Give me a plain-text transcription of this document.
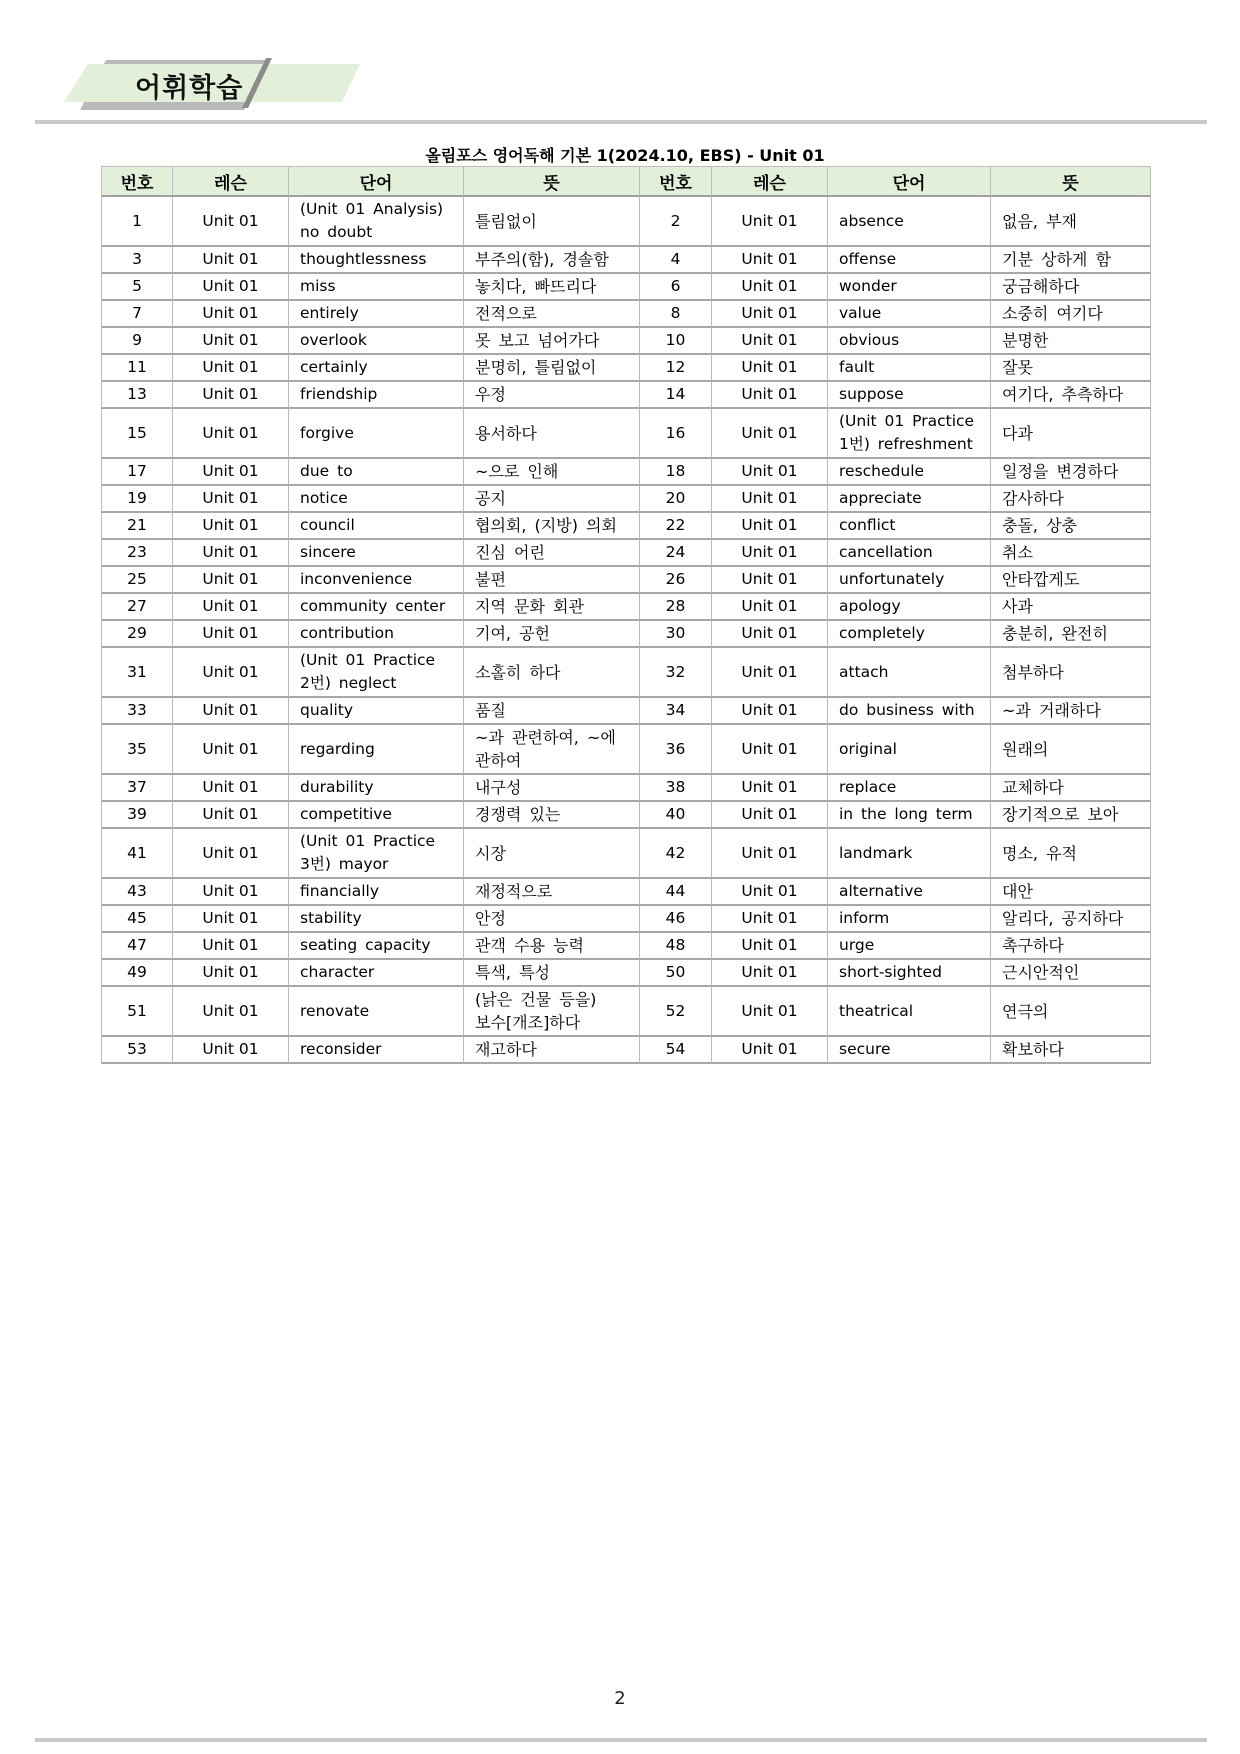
어휘학습
올림포스 영어독해 기본 1(2024.10, EBS) - Unit 01
번호	레슨	단어	뜻	번호	레슨	단어	뜻
1	Unit 01	(Unit 01 Analysis) no doubt	틀림없이	2	Unit 01	absence	없음, 부재
3	Unit 01	thoughtlessness	부주의(함), 경솔함	4	Unit 01	offense	기분 상하게 함
5	Unit 01	miss	놓치다, 빠뜨리다	6	Unit 01	wonder	궁금해하다
7	Unit 01	entirely	전적으로	8	Unit 01	value	소중히 여기다
9	Unit 01	overlook	못 보고 넘어가다	10	Unit 01	obvious	분명한
11	Unit 01	certainly	분명히, 틀림없이	12	Unit 01	fault	잘못
13	Unit 01	friendship	우정	14	Unit 01	suppose	여기다, 추측하다
15	Unit 01	forgive	용서하다	16	Unit 01	(Unit 01 Practice 1번) refreshment	다과
17	Unit 01	due to	~으로 인해	18	Unit 01	reschedule	일정을 변경하다
19	Unit 01	notice	공지	20	Unit 01	appreciate	감사하다
21	Unit 01	council	협의회, (지방) 의회	22	Unit 01	conflict	충돌, 상충
23	Unit 01	sincere	진심 어린	24	Unit 01	cancellation	취소
25	Unit 01	inconvenience	불편	26	Unit 01	unfortunately	안타깝게도
27	Unit 01	community center	지역 문화 회관	28	Unit 01	apology	사과
29	Unit 01	contribution	기여, 공헌	30	Unit 01	completely	충분히, 완전히
31	Unit 01	(Unit 01 Practice 2번) neglect	소홀히 하다	32	Unit 01	attach	첨부하다
33	Unit 01	quality	품질	34	Unit 01	do business with	~과 거래하다
35	Unit 01	regarding	~과 관련하여, ~에 관하여	36	Unit 01	original	원래의
37	Unit 01	durability	내구성	38	Unit 01	replace	교체하다
39	Unit 01	competitive	경쟁력 있는	40	Unit 01	in the long term	장기적으로 보아
41	Unit 01	(Unit 01 Practice 3번) mayor	시장	42	Unit 01	landmark	명소, 유적
43	Unit 01	financially	재정적으로	44	Unit 01	alternative	대안
45	Unit 01	stability	안정	46	Unit 01	inform	알리다, 공지하다
47	Unit 01	seating capacity	관객 수용 능력	48	Unit 01	urge	촉구하다
49	Unit 01	character	특색, 특성	50	Unit 01	short-sighted	근시안적인
51	Unit 01	renovate	(낡은 건물 등을) 보수[개조]하다	52	Unit 01	theatrical	연극의
53	Unit 01	reconsider	재고하다	54	Unit 01	secure	확보하다
2
